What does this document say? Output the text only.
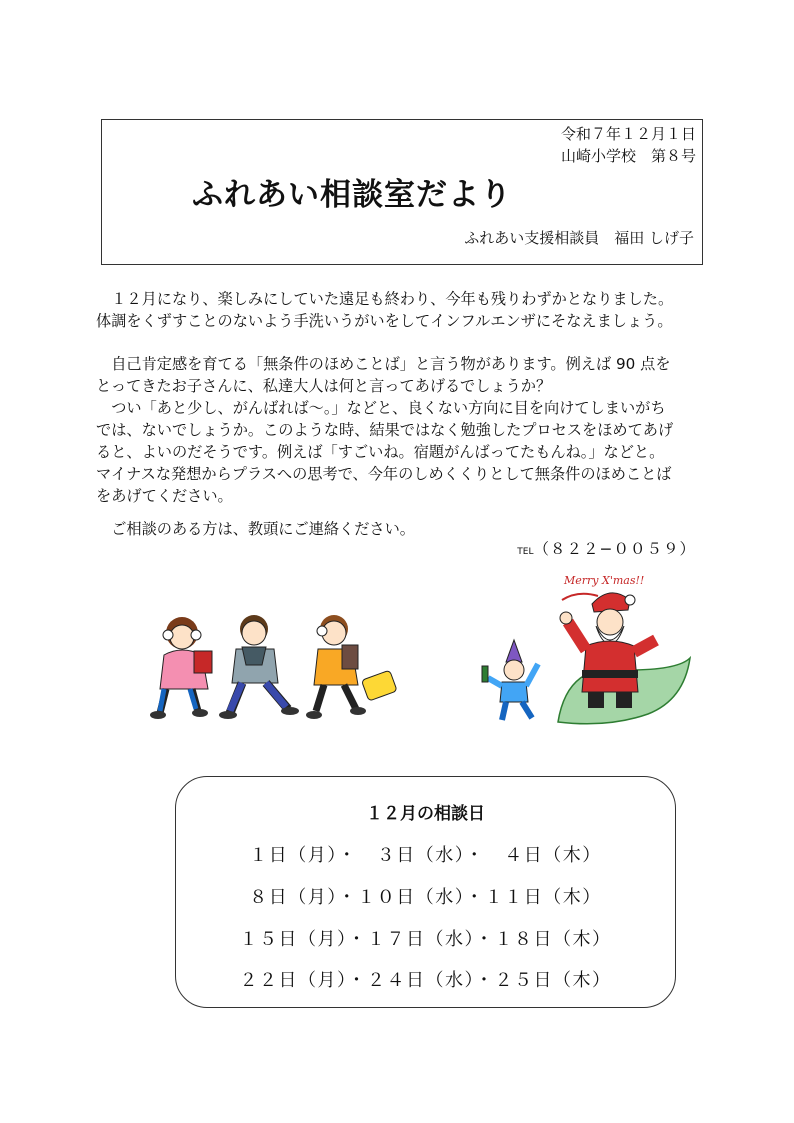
令和７年１２月１日
山崎小学校　第８号
ふれあい相談室だより
ふれあい支援相談員　福田 しげ子

　１２月になり、楽しみにしていた遠足も終わり、今年も残りわずかとなりました。

体調をくずすことのないよう手洗いうがいをしてインフルエンザにそなえましょう。

　自己肯定感を育てる「無条件のほめことば」と言う物があります。例えば 90 点を

とってきたお子さんに、私達大人は何と言ってあげるでしょうか？

　つい「あと少し、がんばれば～。」などと、良くない方向に目を向けてしまいがち

では、ないでしょうか。このような時、結果ではなく勉強したプロセスをほめてあげ

ると、よいのだそうです。例えば「すごいね。宿題がんばってたもんね。」などと。

マイナスな発想からプラスへの思考で、今年のしめくくりとして無条件のほめことば

をあげてください。

　ご相談のある方は、教頭にご連絡ください。

TEL（８２２−００５９）
Merry X'mas!!
１２月の相談日
１日（月）・　３日（水）・　４日（木）
８日（月）・１０日（水）・１１日（木）
１５日（月）・１７日（水）・１８日（木）
２２日（月）・２４日（水）・２５日（木）
